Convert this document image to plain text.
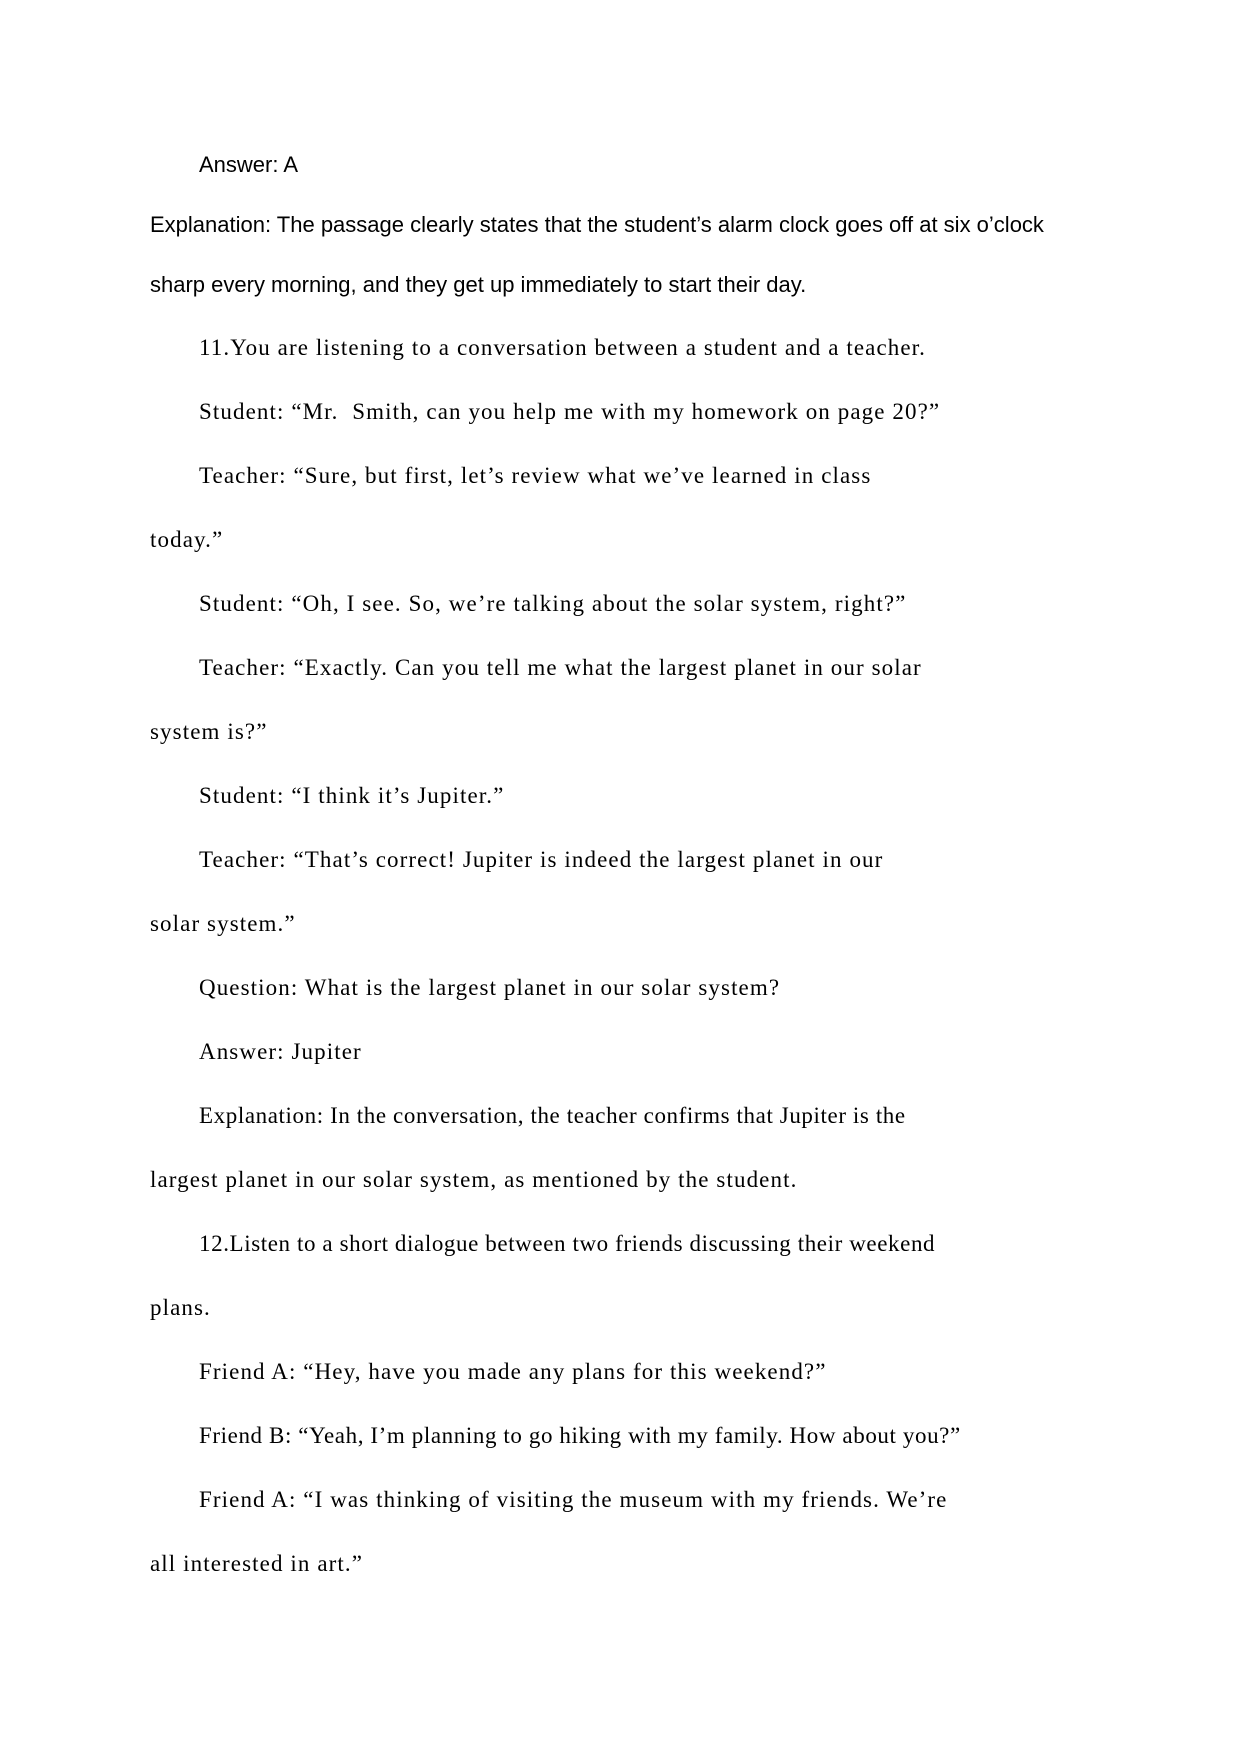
Answer: A
Explanation: The passage clearly states that the student’s alarm clock goes off at six o’clock
sharp every morning, and they get up immediately to start their day.
11.You are listening to a conversation between a student and a teacher.
Student: “Mr.  Smith, can you help me with my homework on page 20?”
Teacher: “Sure, but first, let’s review what we’ve learned in class
today.”
Student: “Oh, I see. So, we’re talking about the solar system, right?”
Teacher: “Exactly. Can you tell me what the largest planet in our solar
system is?”
Student: “I think it’s Jupiter.”
Teacher: “That’s correct! Jupiter is indeed the largest planet in our
solar system.”
Question: What is the largest planet in our solar system?
Answer: Jupiter
Explanation: In the conversation, the teacher confirms that Jupiter is the
largest planet in our solar system, as mentioned by the student.
12.Listen to a short dialogue between two friends discussing their weekend
plans.
Friend A: “Hey, have you made any plans for this weekend?”
Friend B: “Yeah, I’m planning to go hiking with my family. How about you?”
Friend A: “I was thinking of visiting the museum with my friends. We’re
all interested in art.”
